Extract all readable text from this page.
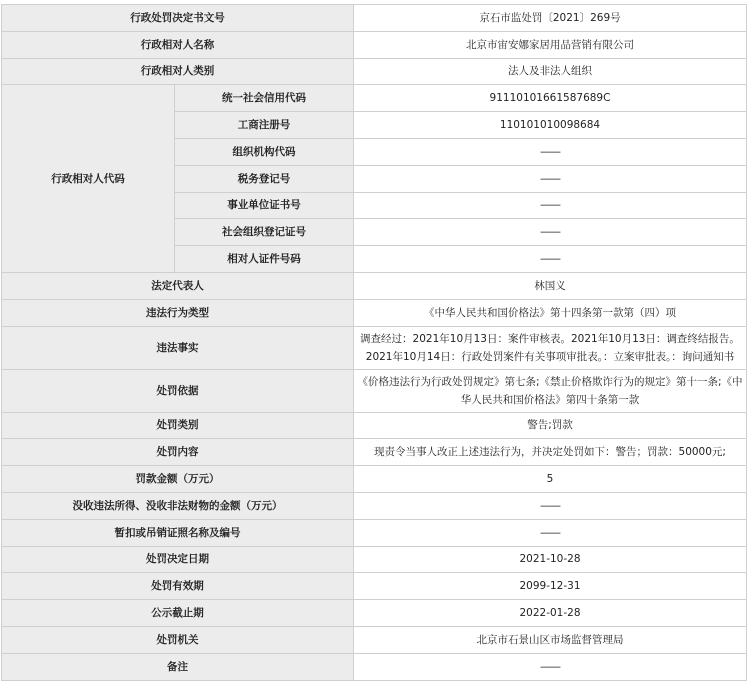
行政处罚决定书文号		京石市监处罚〔2021〕269号
行政相对人名称		北京市宙安娜家居用品营销有限公司
行政相对人类别		法人及非法人组织
行政相对人代码	统一社会信用代码	91110101661587689C
	工商注册号	110101010098684
	组织机构代码	——
	税务登记号	——
	事业单位证书号	——
	社会组织登记证号	——
	相对人证件号码	——
法定代表人		林国义
违法行为类型		《中华人民共和国价格法》第十四条第一款第（四）项
违法事实		调查经过：2021年10月13日：案件审核表。2021年10月13日：调查终结报告。2021年10月14日：行政处罚案件有关事项审批表。：立案审批表。：询问通知书
处罚依据		《价格违法行为行政处罚规定》第七条;《禁止价格欺诈行为的规定》第十一条;《中华人民共和国价格法》第四十条第一款
处罚类别		警告;罚款
处罚内容		现责令当事人改正上述违法行为，并决定处罚如下：警告；罚款：50000元;
罚款金额（万元）		5
没收违法所得、没收非法财物的金额（万元）		——
暂扣或吊销证照名称及编号		——
处罚决定日期		2021-10-28
处罚有效期		2099-12-31
公示截止期		2022-01-28
处罚机关		北京市石景山区市场监督管理局
备注		——
